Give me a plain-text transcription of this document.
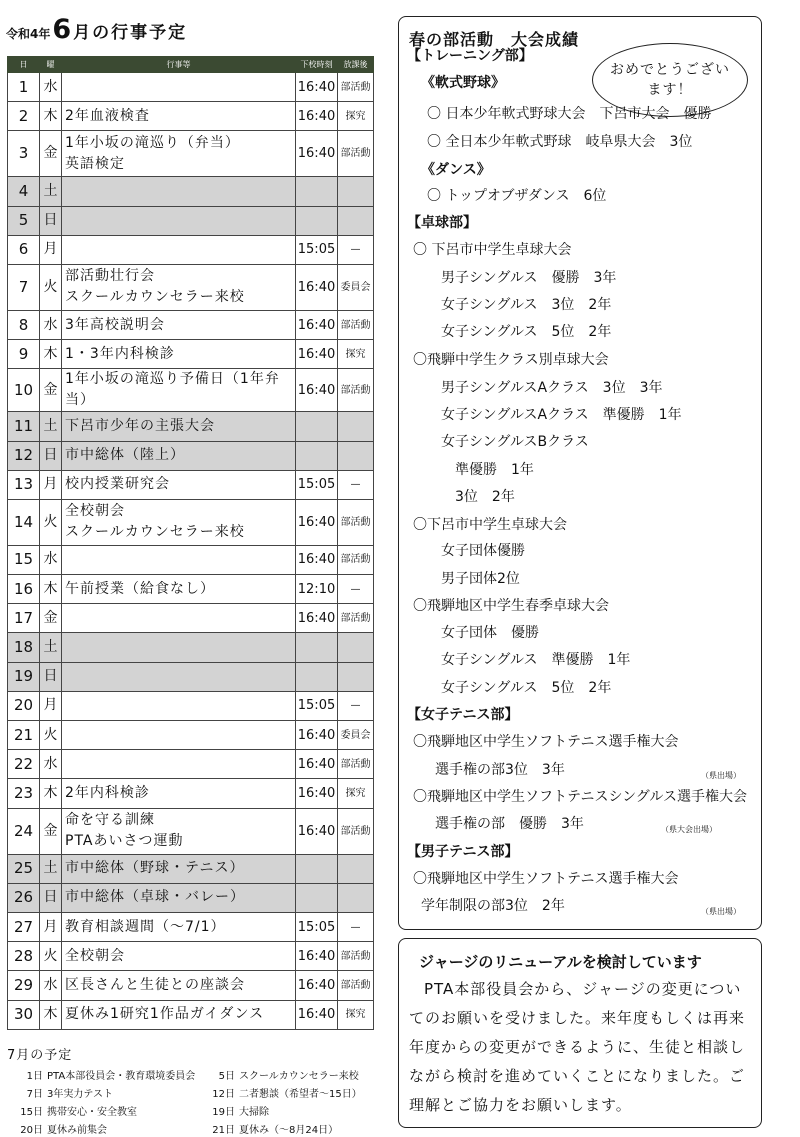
令和4年 6 月の行事予定
日	曜	行事等	下校時刻	放課後
1	水		16:40	部活動
2	木	2年血液検査	16:40	探究
3	金	1年小坂の滝巡り（弁当）
英語検定	16:40	部活動
4	土	

5	日	

6	月		15:05	—
7	火	部活動壮行会
スクールカウンセラー来校	16:40	委員会
8	水	3年高校説明会	16:40	部活動
9	木	1・3年内科検診	16:40	探究
10	金	1年小坂の滝巡り予備日（1年弁当）	16:40	部活動
11	土	下呂市少年の主張大会		

12	日	市中総体（陸上）		

13	月	校内授業研究会	15:05	—
14	火	全校朝会
スクールカウンセラー来校	16:40	部活動
15	水		16:40	部活動
16	木	午前授業（給食なし）	12:10	—
17	金		16:40	部活動
18	土	

19	日	

20	月		15:05	—
21	火		16:40	委員会
22	水		16:40	部活動
23	木	2年内科検診	16:40	探究
24	金	命を守る訓練
PTAあいさつ運動	16:40	部活動
25	土	市中総体（野球・テニス）		

26	日	市中総体（卓球・バレー）		

27	月	教育相談週間（～7/1）	15:05	—
28	火	全校朝会	16:40	部活動
29	水	区長さんと生徒との座談会	16:40	部活動
30	木	夏休み1研究1作品ガイダンス	16:40	探究
7月の予定
1日 PTA本部役員会・教育環境委員会	5日 スクールカウンセラー来校
7日 3年実力テスト	12日 二者懇談（希望者～15日）
15日 携帯安心・安全教室	19日 大掃除
20日 夏休み前集会	21日 夏休み（～8月24日）
春の部活動　大会成績
おめでとうございます！
【トレーニング部】
《軟式野球》
〇 日本少年軟式野球大会　下呂市大会　優勝
〇 全日本少年軟式野球　岐阜県大会　3位
《ダンス》
〇 トップオブザダンス　6位
【卓球部】
〇 下呂市中学生卓球大会
男子シングルス　優勝　3年
女子シングルス　3位　2年
女子シングルス　5位　2年
〇飛騨中学生クラス別卓球大会
男子シングルスAクラス　3位　3年
女子シングルスAクラス　準優勝　1年
女子シングルスBクラス
準優勝　1年
3位　2年
〇下呂市中学生卓球大会
女子団体優勝
男子団体2位
〇飛騨地区中学生春季卓球大会
女子団体　優勝
女子シングルス　準優勝　1年
女子シングルス　5位　2年
【女子テニス部】
〇飛騨地区中学生ソフトテニス選手権大会
選手権の部3位　3年	（県出場）
〇飛騨地区中学生ソフトテニスシングルス選手権大会
選手権の部　優勝　3年	（県大会出場）
【男子テニス部】
〇飛騨地区中学生ソフトテニス選手権大会
学年制限の部3位　2年	（県出場）
ジャージのリニューアルを検討しています
PTA本部役員会から、ジャージの変更についてのお願いを受けました。来年度もしくは再来年度からの変更ができるように、生徒と相談しながら検討を進めていくことになりました。ご理解とご協力をお願いします。
